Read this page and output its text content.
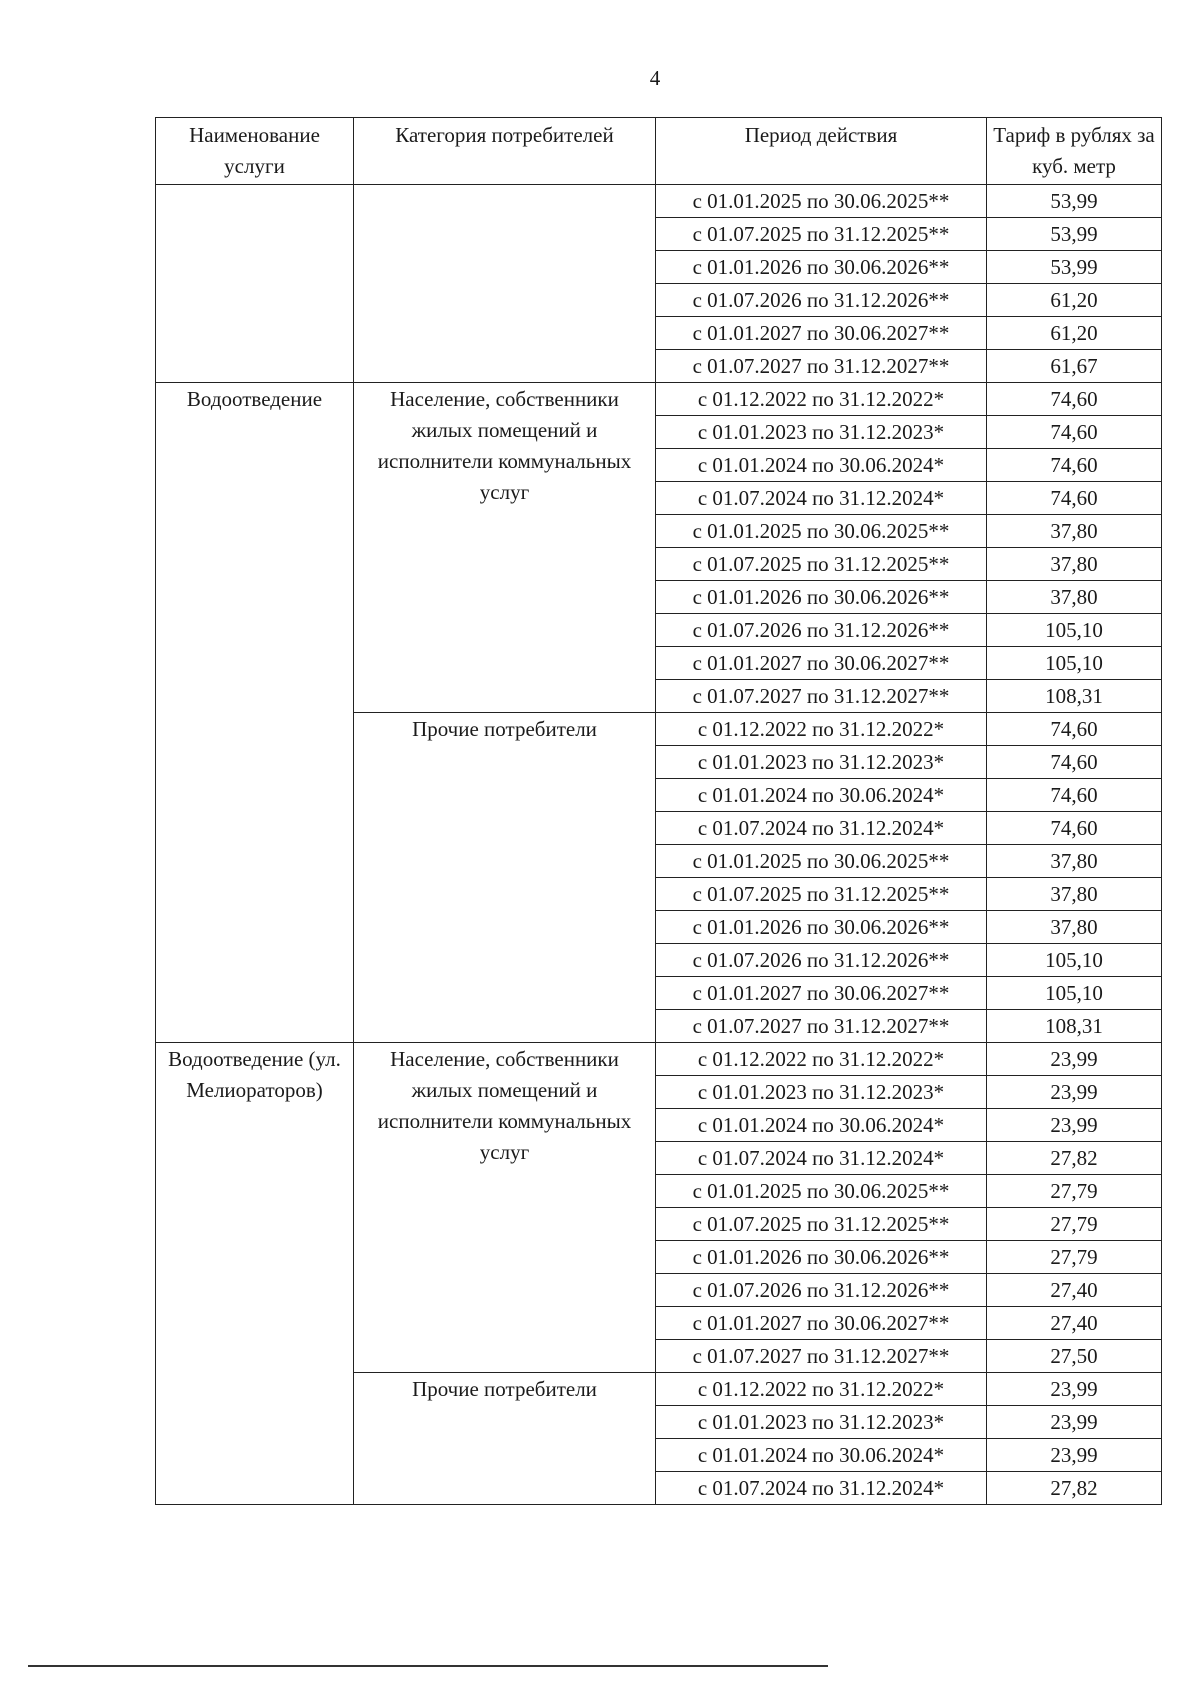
4
Наименование услуги	Категория потребителей	Период действия	Тариф в рублях за куб. метр
		с 01.01.2025 по 30.06.2025**	53,99
		с 01.07.2025 по 31.12.2025**	53,99
		с 01.01.2026 по 30.06.2026**	53,99
		с 01.07.2026 по 31.12.2026**	61,20
		с 01.01.2027 по 30.06.2027**	61,20
		с 01.07.2027 по 31.12.2027**	61,67
Водоотведение	Население, собственники жилых помещений и исполнители коммунальных услуг	с 01.12.2022 по 31.12.2022*	74,60
		с 01.01.2023 по 31.12.2023*	74,60
		с 01.01.2024 по 30.06.2024*	74,60
		с 01.07.2024 по 31.12.2024*	74,60
		с 01.01.2025 по 30.06.2025**	37,80
		с 01.07.2025 по 31.12.2025**	37,80
		с 01.01.2026 по 30.06.2026**	37,80
		с 01.07.2026 по 31.12.2026**	105,10
		с 01.01.2027 по 30.06.2027**	105,10
		с 01.07.2027 по 31.12.2027**	108,31
	Прочие потребители	с 01.12.2022 по 31.12.2022*	74,60
		с 01.01.2023 по 31.12.2023*	74,60
		с 01.01.2024 по 30.06.2024*	74,60
		с 01.07.2024 по 31.12.2024*	74,60
		с 01.01.2025 по 30.06.2025**	37,80
		с 01.07.2025 по 31.12.2025**	37,80
		с 01.01.2026 по 30.06.2026**	37,80
		с 01.07.2026 по 31.12.2026**	105,10
		с 01.01.2027 по 30.06.2027**	105,10
		с 01.07.2027 по 31.12.2027**	108,31
Водоотведение (ул. Мелиораторов)	Население, собственники жилых помещений и исполнители коммунальных услуг	с 01.12.2022 по 31.12.2022*	23,99
		с 01.01.2023 по 31.12.2023*	23,99
		с 01.01.2024 по 30.06.2024*	23,99
		с 01.07.2024 по 31.12.2024*	27,82
		с 01.01.2025 по 30.06.2025**	27,79
		с 01.07.2025 по 31.12.2025**	27,79
		с 01.01.2026 по 30.06.2026**	27,79
		с 01.07.2026 по 31.12.2026**	27,40
		с 01.01.2027 по 30.06.2027**	27,40
		с 01.07.2027 по 31.12.2027**	27,50
	Прочие потребители	с 01.12.2022 по 31.12.2022*	23,99
		с 01.01.2023 по 31.12.2023*	23,99
		с 01.01.2024 по 30.06.2024*	23,99
		с 01.07.2024 по 31.12.2024*	27,82
